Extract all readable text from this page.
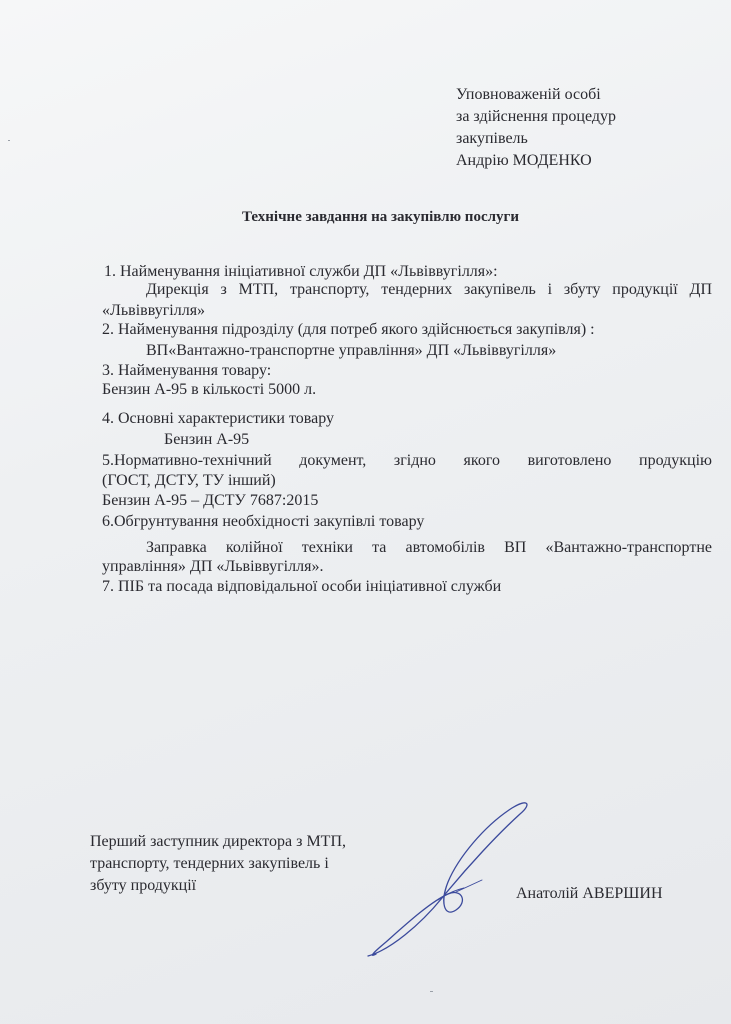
Уповноваженій особі
за здійснення процедур
закупівель
Андрію МОДЕНКО
Технічне завдання на закупівлю послуги
1. Найменування ініціативної служби ДП «Львіввугілля»:
Дирекція з МТП, транспорту, тендерних закупівель і збуту продукції ДП
«Львіввугілля»
2. Найменування підрозділу (для потреб якого здійснюється закупівля) :
ВП«Вантажно-транспортне управління» ДП «Львіввугілля»
3. Найменування товару:
Бензин А-95 в кількості 5000 л.
4. Основні характеристики товару
Бензин А-95
5.Нормативно-технічний документ, згідно якого виготовлено продукцію
(ГОСТ, ДСТУ, ТУ інший)
Бензин А-95 – ДСТУ 7687:2015
6.Обгрунтування необхідності закупівлі товару
Заправка колійної техніки та автомобілів ВП «Вантажно-транспортне
управління» ДП «Львіввугілля».
7. ПІБ та посада відповідальної особи ініціативної служби
Перший заступник директора з МТП,
транспорту, тендерних закупівель і
збуту продукції	Анатолій АВЕРШИН
